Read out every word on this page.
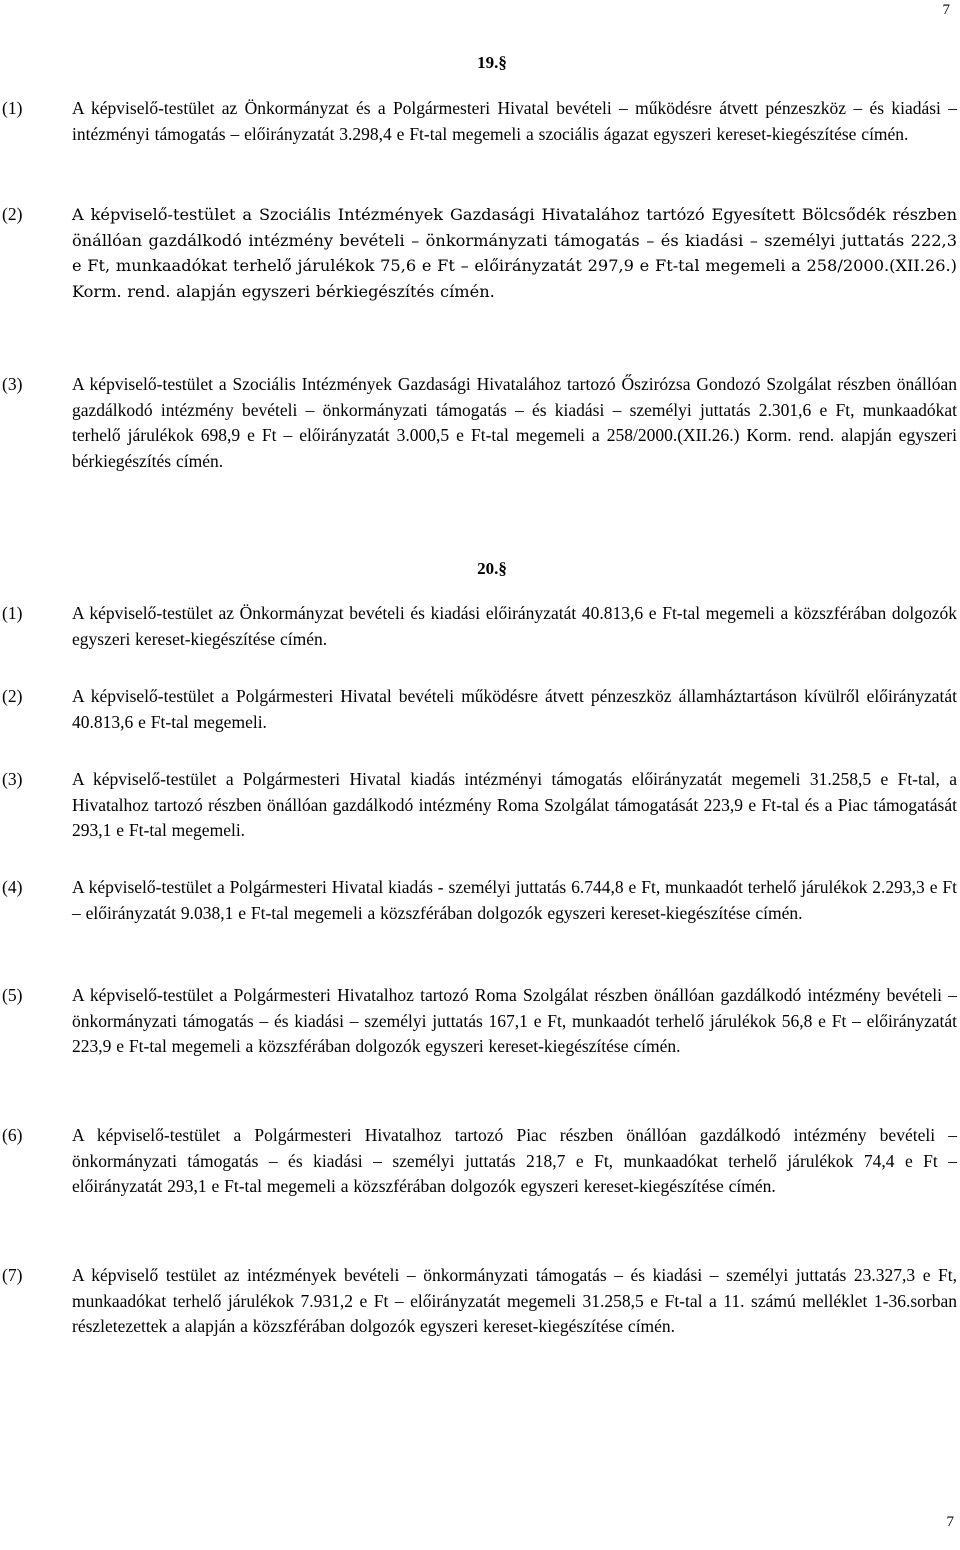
7
19.§
(1)	A képviselő-testület az Önkormányzat és a Polgármesteri Hivatal bevételi – működésre átvett pénzeszköz – és kiadási – intézményi támogatás – előirányzatát 3.298,4 e Ft-tal megemeli a szociális ágazat egyszeri kereset-kiegészítése címén.
(2)	A képviselő-testület a Szociális Intézmények Gazdasági Hivatalához tartózó Egyesített Bölcsődék részben önállóan gazdálkodó intézmény bevételi – önkormányzati támogatás – és kiadási – személyi juttatás 222,3 e Ft, munkaadókat terhelő járulékok 75,6 e Ft – előirányzatát 297,9 e Ft-tal megemeli a 258/2000.(XII.26.) Korm. rend. alapján egyszeri bérkiegészítés címén.
(3)	A képviselő-testület a Szociális Intézmények Gazdasági Hivatalához tartozó Őszirózsa Gondozó Szolgálat részben önállóan gazdálkodó intézmény bevételi – önkormányzati támogatás – és kiadási – személyi juttatás 2.301,6 e Ft, munkaadókat terhelő járulékok 698,9 e Ft – előirányzatát 3.000,5 e Ft-tal megemeli a 258/2000.(XII.26.) Korm. rend. alapján egyszeri bérkiegészítés címén.
20.§
(1)	A képviselő-testület az Önkormányzat bevételi és kiadási előirányzatát 40.813,6 e Ft-tal megemeli a közszférában dolgozók egyszeri kereset-kiegészítése címén.
(2)	A képviselő-testület a Polgármesteri Hivatal bevételi működésre átvett pénzeszköz államháztartáson kívülről előirányzatát 40.813,6 e Ft-tal megemeli.
(3)	A képviselő-testület a Polgármesteri Hivatal kiadás intézményi támogatás előirányzatát megemeli 31.258,5 e Ft-tal, a Hivatalhoz tartozó részben önállóan gazdálkodó intézmény Roma Szolgálat támogatását 223,9 e Ft-tal és a Piac támogatását 293,1 e Ft-tal megemeli.
(4)	A képviselő-testület a Polgármesteri Hivatal kiadás - személyi juttatás 6.744,8 e Ft, munkaadót terhelő járulékok 2.293,3 e Ft – előirányzatát 9.038,1 e Ft-tal megemeli a közszférában dolgozók egyszeri kereset-kiegészítése címén.
(5)	A képviselő-testület a Polgármesteri Hivatalhoz tartozó Roma Szolgálat részben önállóan gazdálkodó intézmény bevételi – önkormányzati támogatás – és kiadási – személyi juttatás 167,1 e Ft, munkaadót terhelő járulékok 56,8 e Ft – előirányzatát 223,9 e Ft-tal megemeli a közszférában dolgozók egyszeri kereset-kiegészítése címén.
(6)	A képviselő-testület a Polgármesteri Hivatalhoz tartozó Piac részben önállóan gazdálkodó intézmény bevételi – önkormányzati támogatás – és kiadási – személyi juttatás 218,7 e Ft, munkaadókat terhelő járulékok 74,4 e Ft – előirányzatát 293,1 e Ft-tal megemeli a közszférában dolgozók egyszeri kereset-kiegészítése címén.
(7)	A képviselő testület az intézmények bevételi – önkormányzati támogatás – és kiadási – személyi juttatás 23.327,3 e Ft, munkaadókat terhelő járulékok 7.931,2 e Ft – előirányzatát megemeli 31.258,5 e Ft-tal a 11. számú melléklet 1-36.sorban részletezettek a alapján a közszférában dolgozók egyszeri kereset-kiegészítése címén.
7
